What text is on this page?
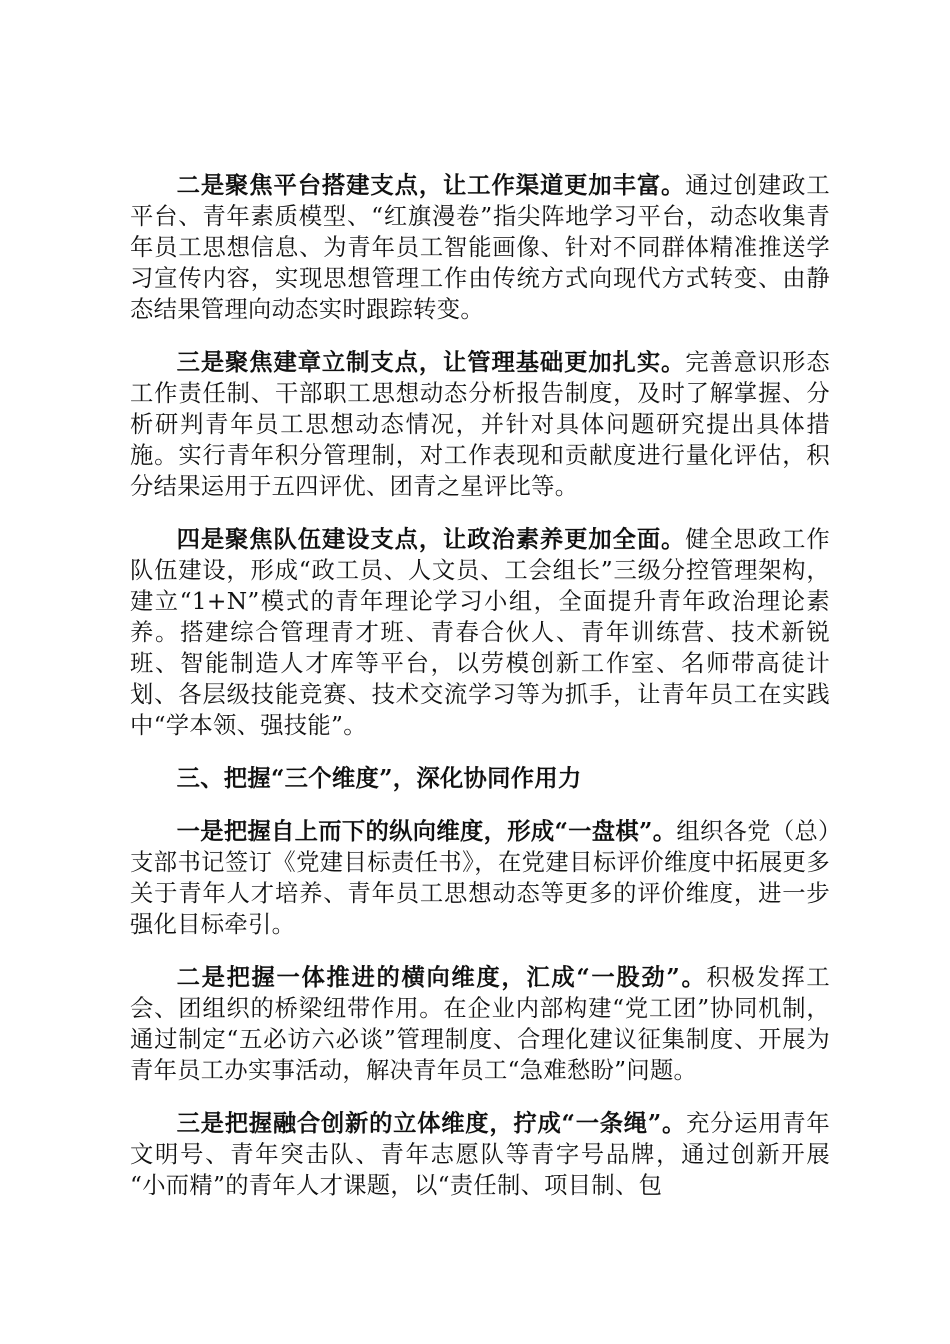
二是聚焦平台搭建支点，让工作渠道更加丰富。通过创建政工平台、青年素质模型、“红旗漫卷”指尖阵地学习平台，动态收集青年员工思想信息、为青年员工智能画像、针对不同群体精准推送学习宣传内容，实现思想管理工作由传统方式向现代方式转变、由静态结果管理向动态实时跟踪转变。

三是聚焦建章立制支点，让管理基础更加扎实。完善意识形态工作责任制、干部职工思想动态分析报告制度，及时了解掌握、分析研判青年员工思想动态情况，并针对具体问题研究提出具体措施。实行青年积分管理制，对工作表现和贡献度进行量化评估，积分结果运用于五四评优、团青之星评比等。

四是聚焦队伍建设支点，让政治素养更加全面。健全思政工作队伍建设，形成“政工员、人文员、工会组长”三级分控管理架构，建立“1+N”模式的青年理论学习小组，全面提升青年政治理论素养。搭建综合管理青才班、青春合伙人、青年训练营、技术新锐班、智能制造人才库等平台，以劳模创新工作室、名师带高徒计划、各层级技能竞赛、技术交流学习等为抓手，让青年员工在实践中“学本领、强技能”。

三、把握“三个维度”，深化协同作用力

一是把握自上而下的纵向维度，形成“一盘棋”。组织各党（总）支部书记签订《党建目标责任书》，在党建目标评价维度中拓展更多关于青年人才培养、青年员工思想动态等更多的评价维度，进一步强化目标牵引。

二是把握一体推进的横向维度，汇成“一股劲”。积极发挥工会、团组织的桥梁纽带作用。在企业内部构建“党工团”协同机制，通过制定“五必访六必谈”管理制度、合理化建议征集制度、开展为青年员工办实事活动，解决青年员工“急难愁盼”问题。

三是把握融合创新的立体维度，拧成“一条绳”。充分运用青年文明号、青年突击队、青年志愿队等青字号品牌，通过创新开展 “小而精”的青年人才课题，以“责任制、项目制、包
